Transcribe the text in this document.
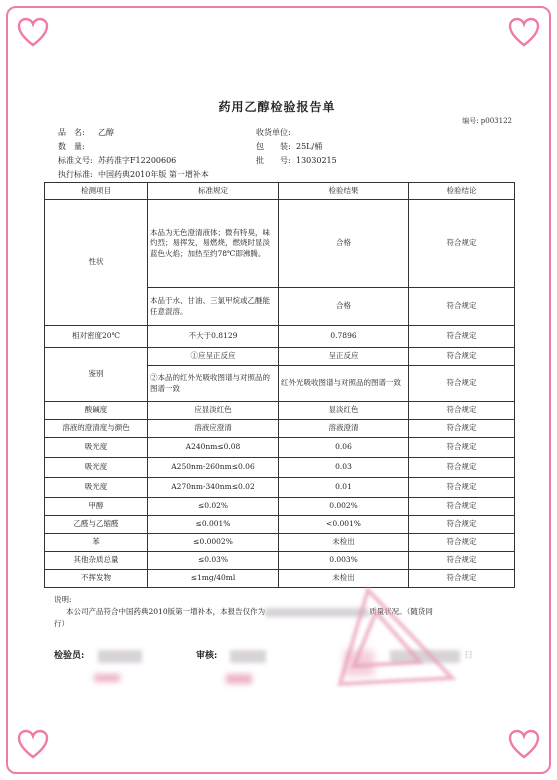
药用乙醇检验报告单
编号: p003122
品　名: 乙醇
数　量:
标准文号: 苏药准字F12200606
执行标准: 中国药典2010年版 第一增补本
收货单位:
包　　装: 25L/桶
批　　号: 13030215
检测项目	标准规定	检验结果	检验结论
性状	本品为无色澄清液体；微有特臭，味灼烈；易挥发，易燃烧，燃烧时显淡蓝色火焰；加热至约78℃即沸腾。	合格	符合规定
	本品于水、甘油、三氯甲烷或乙醚能任意混溶。	合格	符合规定
相对密度20℃	不大于0.8129	0.7896	符合规定
鉴别	①应呈正反应	呈正反应	符合规定
	②本品的红外光吸收图谱与对照品的图谱一致	红外光吸收图谱与对照品的图谱一致	符合规定
酸碱度	应显淡红色	显淡红色	符合规定
溶液的澄清度与颜色	溶液应澄清	溶液澄清	符合规定
吸光度	A240nm≤0.08	0.06	符合规定
吸光度	A250nm-260nm≤0.06	0.03	符合规定
吸光度	A270nm-340nm≤0.02	0.01	符合规定
甲醇	≤0.02%	0.002%	符合规定
乙醛与乙缩醛	≤0.001%	<0.001%	符合规定
苯	≤0.0002%	未检出	符合规定
其他杂质总量	≤0.03%	0.003%	符合规定
不挥发物	≤1mg/40ml	未检出	符合规定
说明:
本公司产品符合中国药典2010版第一增补本，本报告仅作为	质量状况。（随货同
行）
检验员:	审核:	日
